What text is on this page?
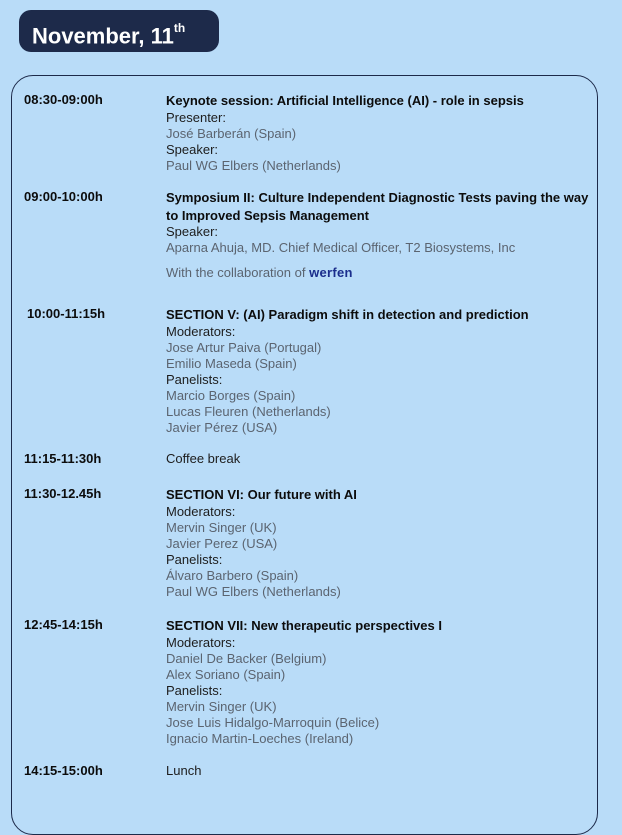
November, 11th
08:30-09:00h	Keynote session: Artificial Intelligence (AI) - role in sepsis
Presenter:
José Barberán (Spain)
Speaker:
Paul WG Elbers (Netherlands)
09:00-10:00h	Symposium II: Culture Independent Diagnostic Tests paving the way to Improved Sepsis Management
Speaker:
Aparna Ahuja, MD. Chief Medical Officer, T2 Biosystems, Inc
With the collaboration of werfen
10:00-11:15h	SECTION V: (AI) Paradigm shift in detection and prediction
Moderators:
Jose Artur Paiva (Portugal)
Emilio Maseda (Spain)
Panelists:
Marcio Borges (Spain)
Lucas Fleuren (Netherlands)
Javier Pérez (USA)
11:15-11:30h	Coffee break
11:30-12.45h	SECTION VI: Our future with AI
Moderators:
Mervin Singer (UK)
Javier Perez (USA)
Panelists:
Álvaro Barbero (Spain)
Paul WG Elbers (Netherlands)
12:45-14:15h	SECTION VII: New therapeutic perspectives I
Moderators:
Daniel De Backer (Belgium)
Alex Soriano (Spain)
Panelists:
Mervin Singer (UK)
Jose Luis Hidalgo-Marroquin (Belice)
Ignacio Martin-Loeches (Ireland)
14:15-15:00h	Lunch
